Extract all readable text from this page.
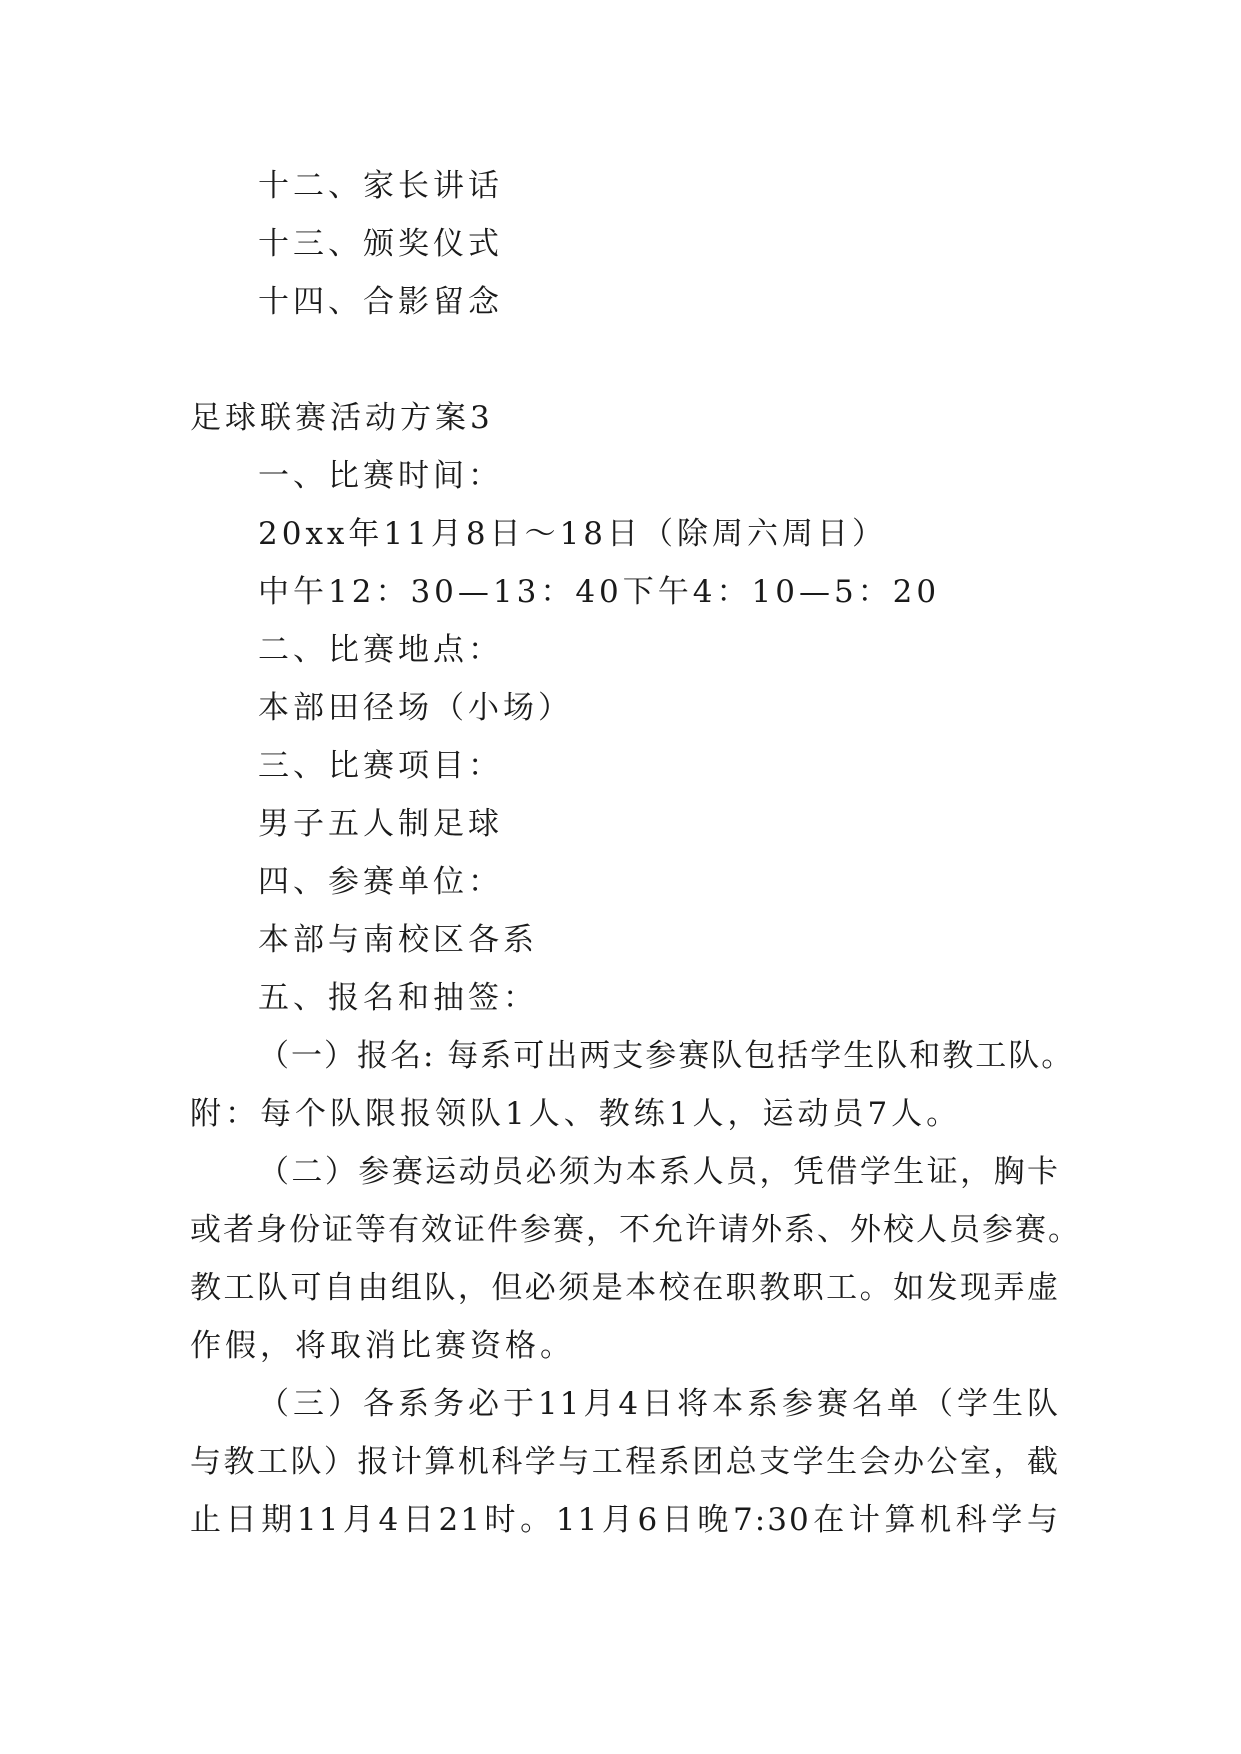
十二、家长讲话
十三、颁奖仪式
十四、合影留念
足球联赛活动方案3
一、比赛时间：
20xx年11月8日～18日（除周六周日）
中午12：30—13：40下午4：10—5：20
二、比赛地点：
本部田径场（小场）
三、比赛项目：
男子五人制足球
四、参赛单位：
本部与南校区各系
五、报名和抽签：
（一）报名: 每系可出两支参赛队包括学生队和教工队。
附：每个队限报领队1人、教练1人，运动员7人。
（二）参赛运动员必须为本系人员，凭借学生证，胸卡
或者身份证等有效证件参赛，不允许请外系、外校人员参赛。
教工队可自由组队，但必须是本校在职教职工。如发现弄虚
作假，将取消比赛资格。
（三）各系务必于11月4日将本系参赛名单（学生队
与教工队）报计算机科学与工程系团总支学生会办公室，截
止日期11月4日21时。11月6日晚7:30在计算机科学与
